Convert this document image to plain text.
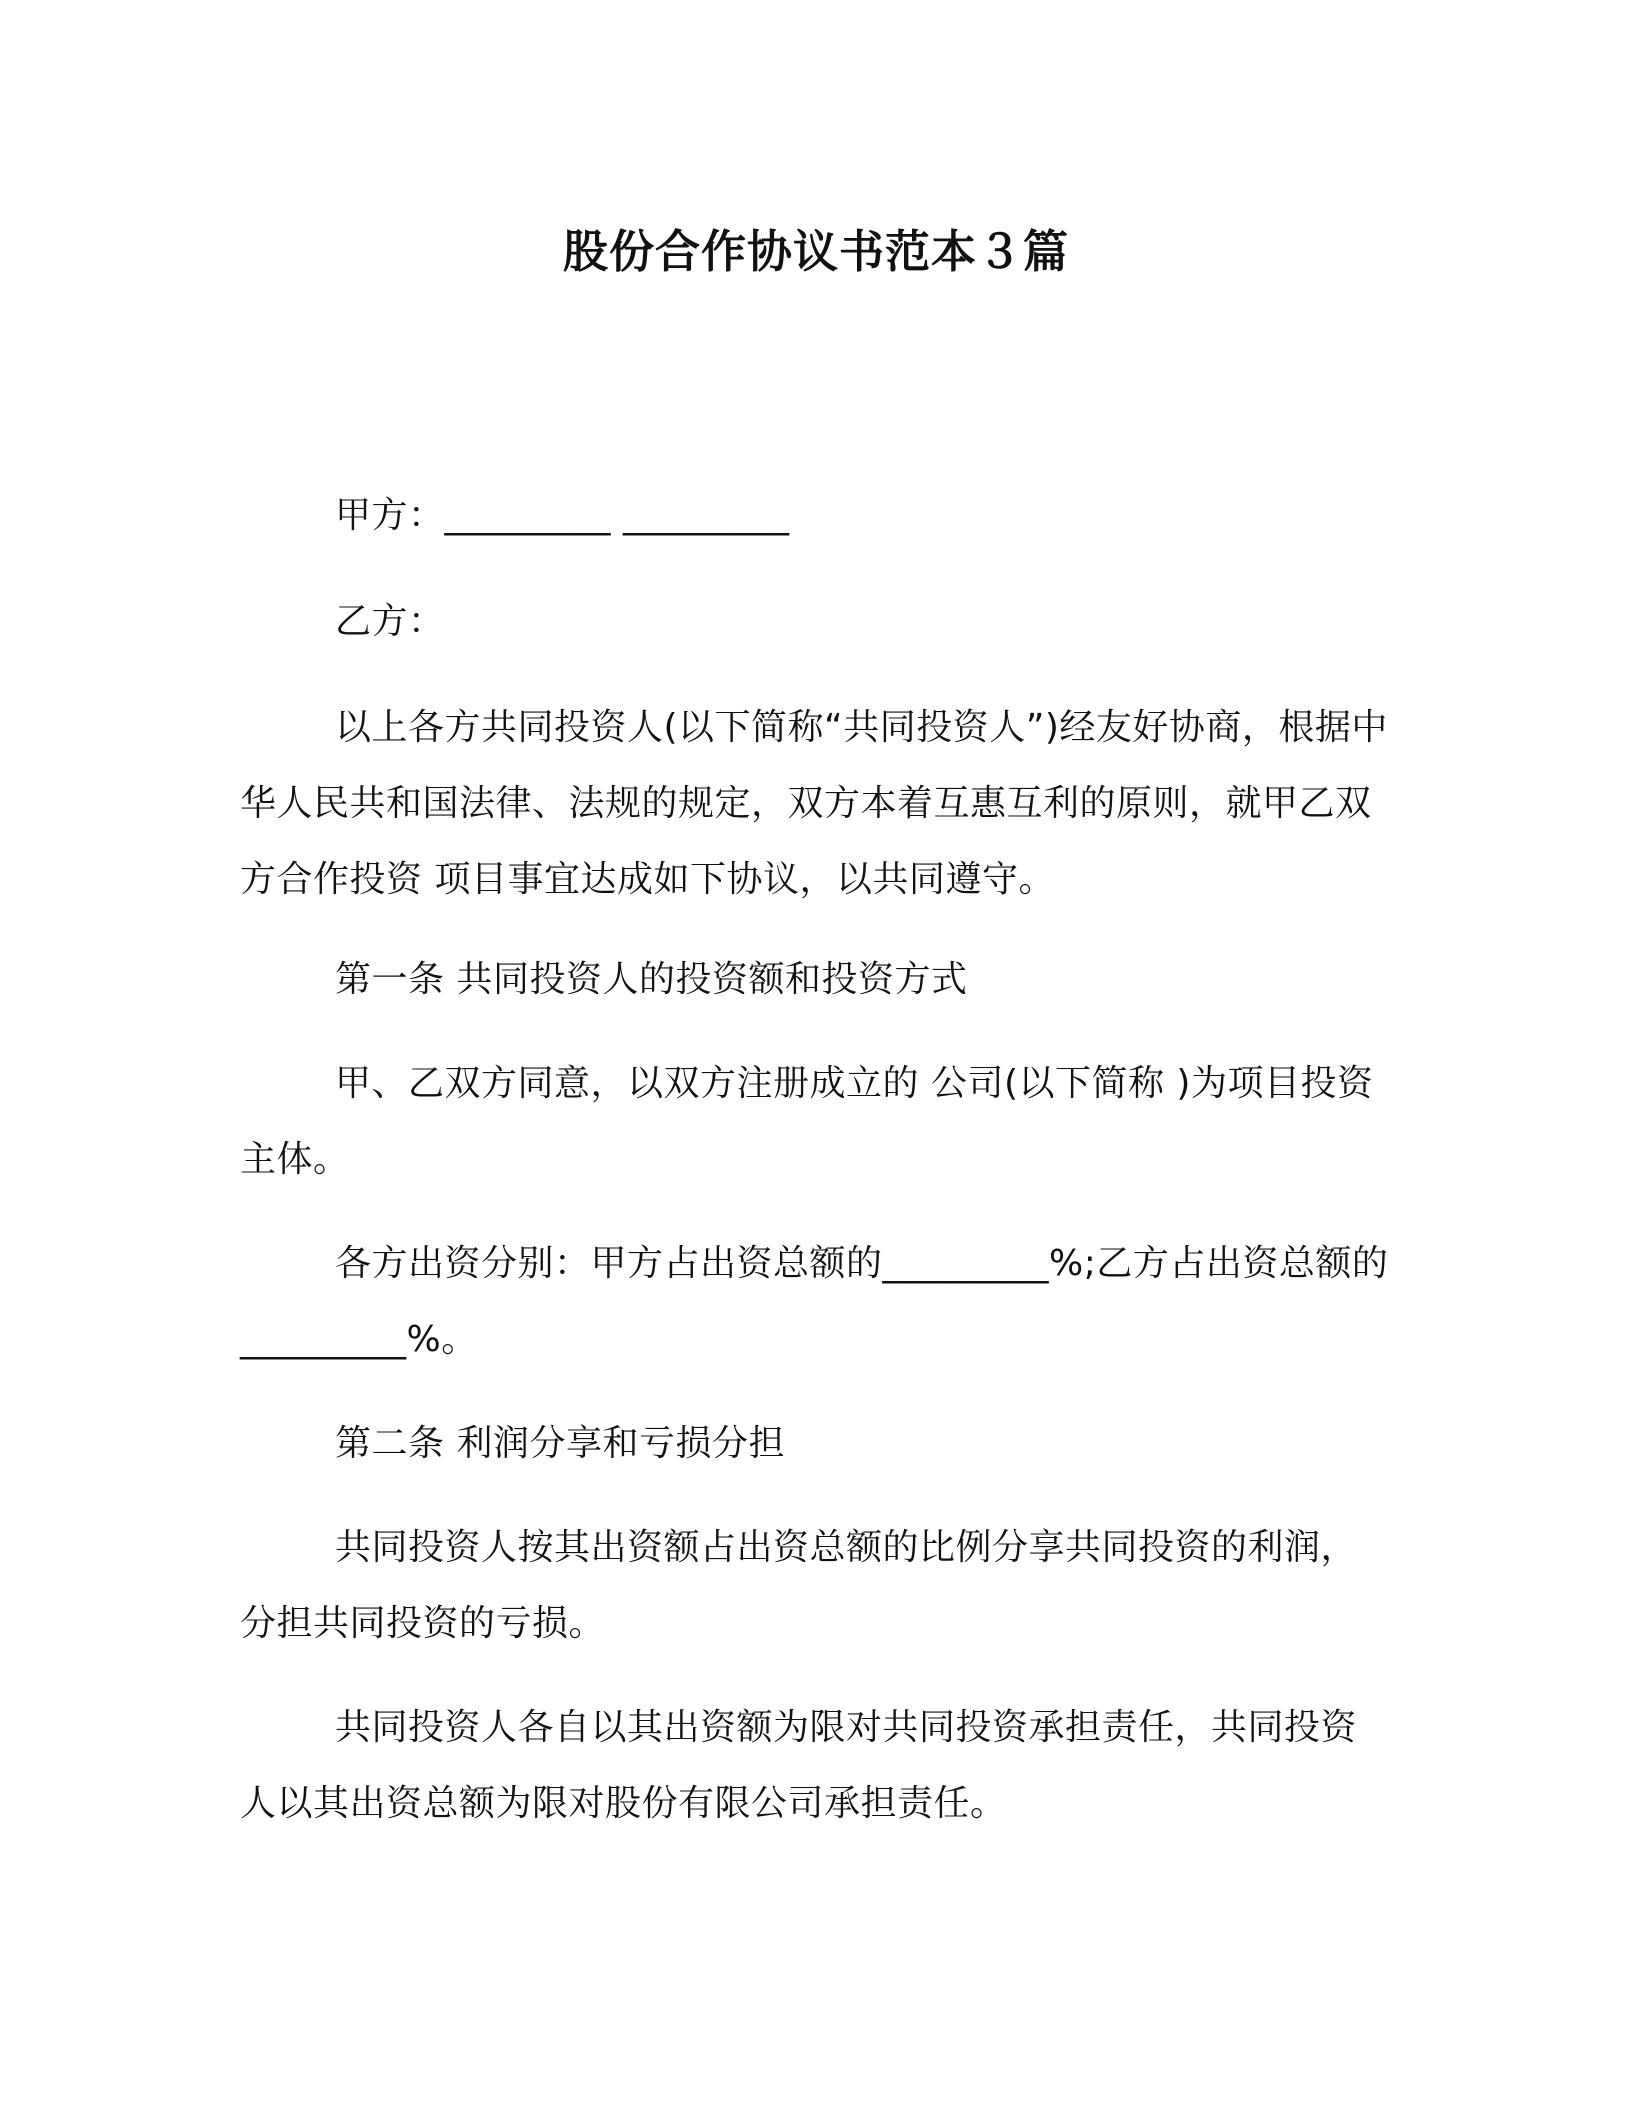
股份合作协议书范本３篇

甲方：_________ _________

乙方：

以上各方共同投资人(以下简称“共同投资人”)经友好协商，根据中华人民共和国法律、法规的规定，双方本着互惠互利的原则，就甲乙双方合作投资 项目事宜达成如下协议，以共同遵守。

第一条 共同投资人的投资额和投资方式

甲、乙双方同意，以双方注册成立的 公司(以下简称 )为项目投资主体。

各方出资分别：甲方占出资总额的_________%;乙方占出资总额的_________%。

第二条 利润分享和亏损分担

共同投资人按其出资额占出资总额的比例分享共同投资的利润，分担共同投资的亏损。

共同投资人各自以其出资额为限对共同投资承担责任，共同投资人以其出资总额为限对股份有限公司承担责任。
